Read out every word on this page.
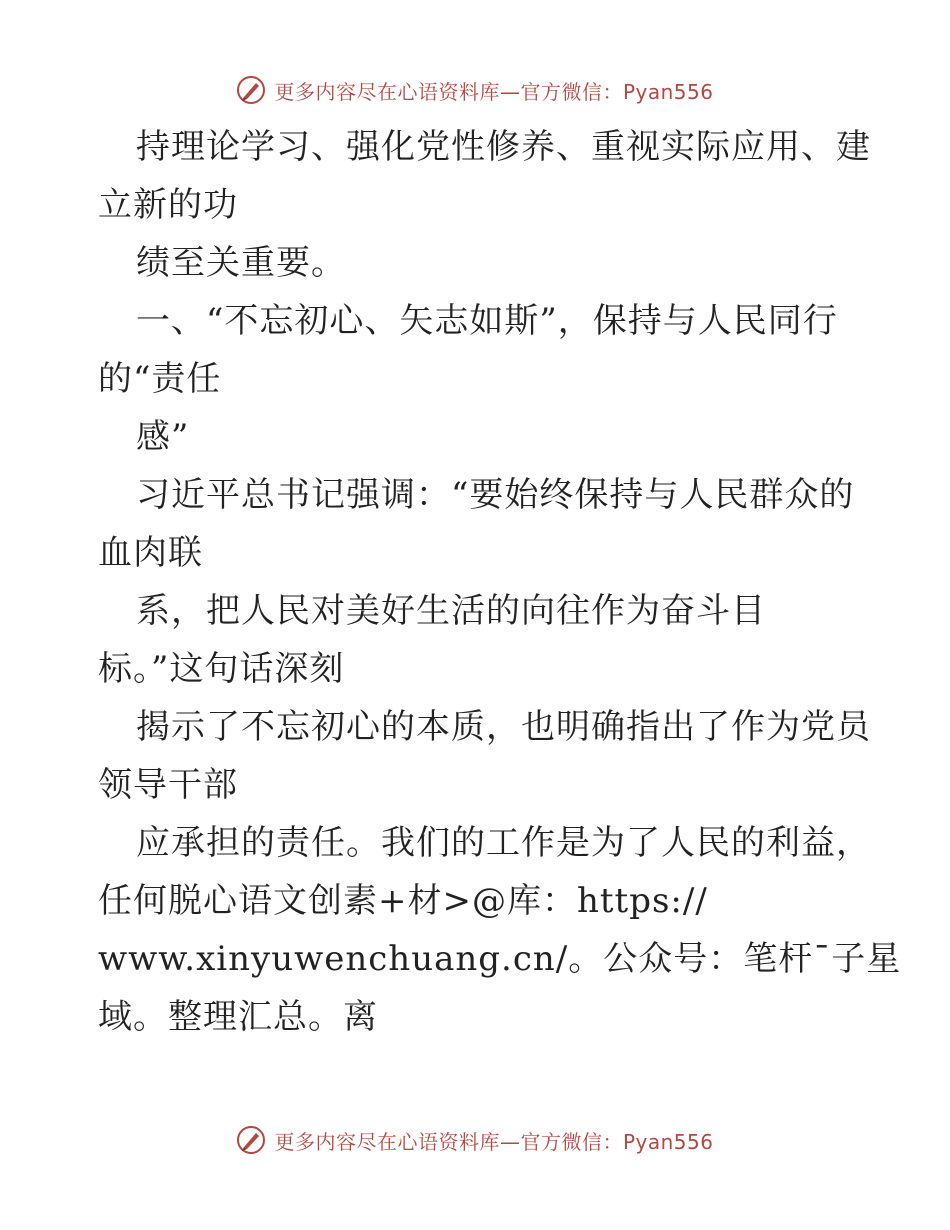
更多内容尽在心语资料库—官方微信：Pyan556
持理论学习、强化党性修养、重视实际应用、建
立新的功
绩至关重要。
一、“不忘初心、矢志如斯”，保持与人民同行
的“责任
感”
习近平总书记强调：“要始终保持与人民群众的
血肉联
系，把人民对美好生活的向往作为奋斗目
标。”这句话深刻
揭示了不忘初心的本质，也明确指出了作为党员
领导干部
应承担的责任。我们的工作是为了人民的利益，
任何脱心语文创素+材>@库：https://
www.xinyuwenchuang.cn/。公众号：笔杆¯子星
域。整理汇总。离
更多内容尽在心语资料库—官方微信：Pyan556
